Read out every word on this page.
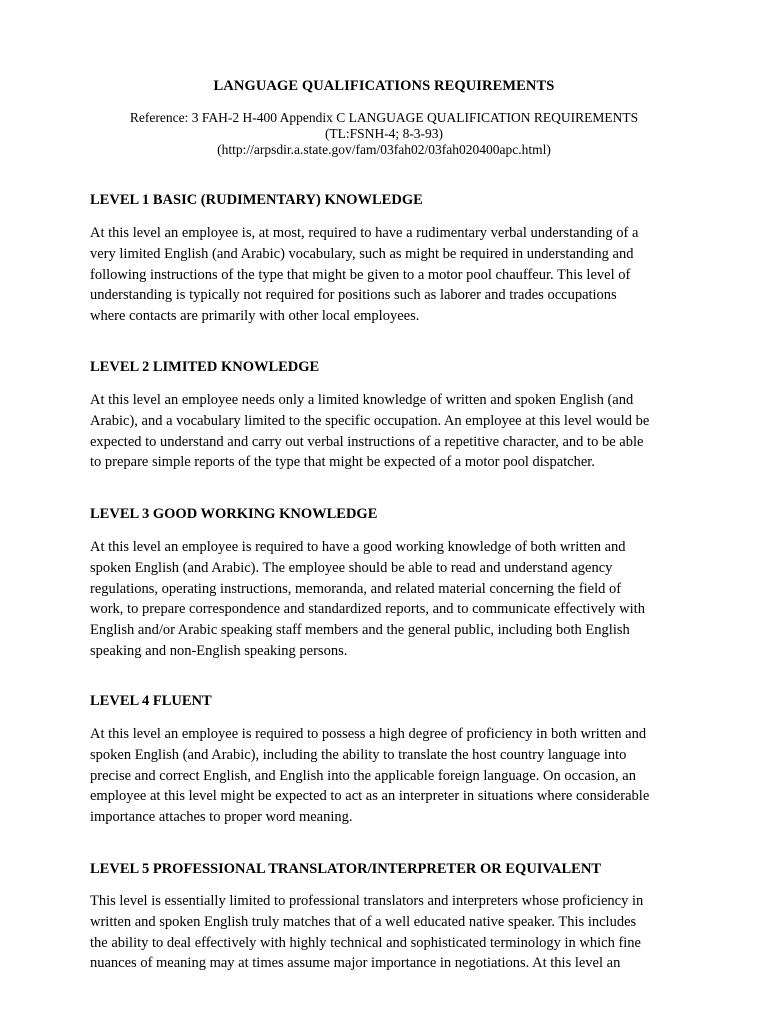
LANGUAGE QUALIFICATIONS REQUIREMENTS
Reference: 3 FAH-2 H-400 Appendix C LANGUAGE QUALIFICATION REQUIREMENTS
(TL:FSNH-4; 8-3-93)
(http://arpsdir.a.state.gov/fam/03fah02/03fah020400apc.html)
LEVEL 1 BASIC (RUDIMENTARY) KNOWLEDGE
At this level an employee is, at most, required to have a rudimentary verbal understanding of a
very limited English (and Arabic) vocabulary, such as might be required in understanding and
following instructions of the type that might be given to a motor pool chauffeur. This level of
understanding is typically not required for positions such as laborer and trades occupations
where contacts are primarily with other local employees.
LEVEL 2 LIMITED KNOWLEDGE
At this level an employee needs only a limited knowledge of written and spoken English (and
Arabic), and a vocabulary limited to the specific occupation. An employee at this level would be
expected to understand and carry out verbal instructions of a repetitive character, and to be able
to prepare simple reports of the type that might be expected of a motor pool dispatcher.
LEVEL 3 GOOD WORKING KNOWLEDGE
At this level an employee is required to have a good working knowledge of both written and
spoken English (and Arabic). The employee should be able to read and understand agency
regulations, operating instructions, memoranda, and related material concerning the field of
work, to prepare correspondence and standardized reports, and to communicate effectively with
English and/or Arabic speaking staff members and the general public, including both English
speaking and non-English speaking persons.
LEVEL 4 FLUENT
At this level an employee is required to possess a high degree of proficiency in both written and
spoken English (and Arabic), including the ability to translate the host country language into
precise and correct English, and English into the applicable foreign language. On occasion, an
employee at this level might be expected to act as an interpreter in situations where considerable
importance attaches to proper word meaning.
LEVEL 5 PROFESSIONAL TRANSLATOR/INTERPRETER OR EQUIVALENT
This level is essentially limited to professional translators and interpreters whose proficiency in
written and spoken English truly matches that of a well educated native speaker. This includes
the ability to deal effectively with highly technical and sophisticated terminology in which fine
nuances of meaning may at times assume major importance in negotiations. At this level an
